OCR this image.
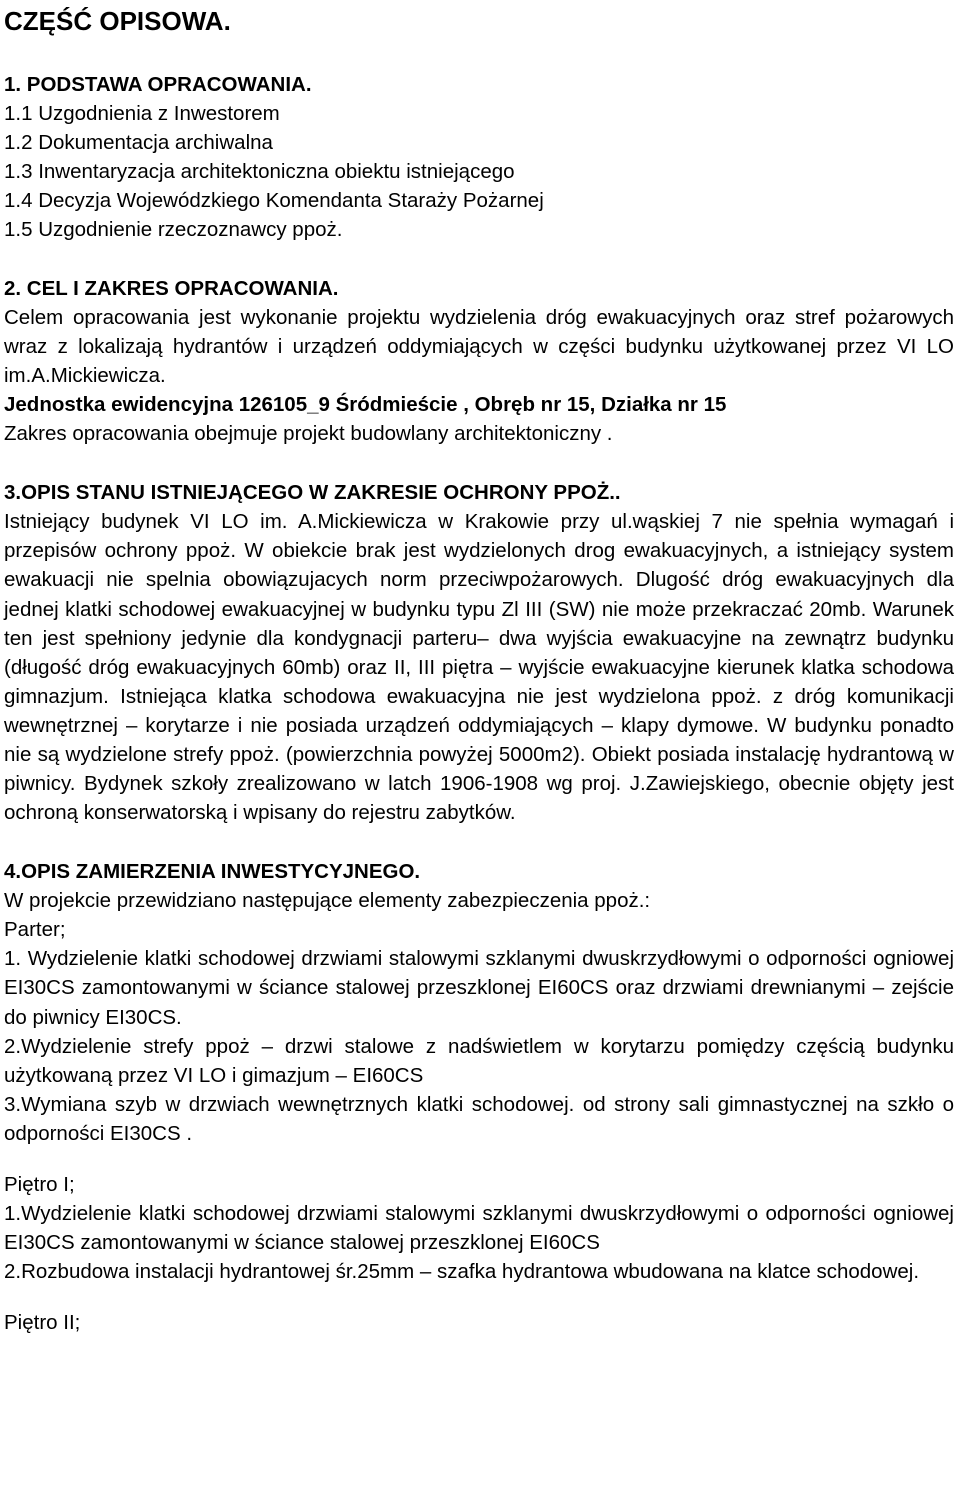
CZĘŚĆ OPISOWA.
1. PODSTAWA OPRACOWANIA.
1.1 Uzgodnienia z Inwestorem
1.2 Dokumentacja archiwalna
1.3 Inwentaryzacja architektoniczna obiektu istniejącego
1.4 Decyzja Wojewódzkiego Komendanta Staraży Pożarnej
1.5 Uzgodnienie rzeczoznawcy ppoż.
2. CEL I ZAKRES OPRACOWANIA.

Celem opracowania jest wykonanie projektu wydzielenia dróg ewakuacyjnych oraz stref pożarowych wraz z lokalizają hydrantów i urządzeń oddymiających w części budynku użytkowanej przez VI LO im.A.Mickiewicza.

Jednostka ewidencyjna 126105_9 Śródmieście , Obręb nr 15, Działka nr 15
Zakres opracowania obejmuje projekt budowlany architektoniczny .
3.OPIS STANU ISTNIEJĄCEGO W ZAKRESIE OCHRONY PPOŻ..

Istniejący budynek VI LO im. A.Mickiewicza w Krakowie przy ul.wąskiej 7 nie spełnia wymagań i przepisów ochrony ppoż. W obiekcie brak jest wydzielonych drog ewakuacyjnych, a istniejący system ewakuacji nie spelnia obowiązujacych norm przeciwpożarowych. Dlugość dróg ewakuacyjnych dla jednej klatki schodowej ewakuacyjnej w budynku typu Zl III (SW) nie może przekraczać 20mb. Warunek ten jest spełniony jedynie dla kondygnacji parteru– dwa wyjścia ewakuacyjne na zewnątrz budynku (długość dróg ewakuacyjnych 60mb) oraz II, III piętra – wyjście ewakuacyjne kierunek klatka schodowa gimnazjum. Istniejąca klatka schodowa ewakuacyjna nie jest wydzielona ppoż. z dróg komunikacji wewnętrznej – korytarze i nie posiada urządzeń oddymiających – klapy dymowe. W budynku ponadto nie są wydzielone strefy ppoż. (powierzchnia powyżej 5000m2). Obiekt posiada instalację hydrantową w piwnicy. Bydynek szkoły zrealizowano w latch 1906-1908 wg proj. J.Zawiejskiego, obecnie objęty jest ochroną konserwatorską i wpisany do rejestru zabytków.

4.OPIS ZAMIERZENIA INWESTYCYJNEGO.
W projekcie przewidziano następujące elementy zabezpieczenia ppoż.:
Parter;

1. Wydzielenie klatki schodowej drzwiami stalowymi szklanymi dwuskrzydłowymi o odporności ogniowej EI30CS zamontowanymi w ściance stalowej przeszklonej EI60CS oraz drzwiami drewnianymi – zejście do piwnicy EI30CS.

2.Wydzielenie strefy ppoż – drzwi stalowe z nadświetlem w korytarzu pomiędzy częścią budynku użytkowaną przez VI LO i gimazjum – EI60CS

3.Wymiana szyb w drzwiach wewnętrznych klatki schodowej. od strony sali gimnastycznej na szkło o odporności EI30CS .

Piętro I;

1.Wydzielenie klatki schodowej drzwiami stalowymi szklanymi dwuskrzydłowymi o odporności ogniowej EI30CS zamontowanymi w ściance stalowej przeszklonej EI60CS

2.Rozbudowa instalacji hydrantowej śr.25mm – szafka hydrantowa wbudowana na klatce schodowej.

Piętro II;
